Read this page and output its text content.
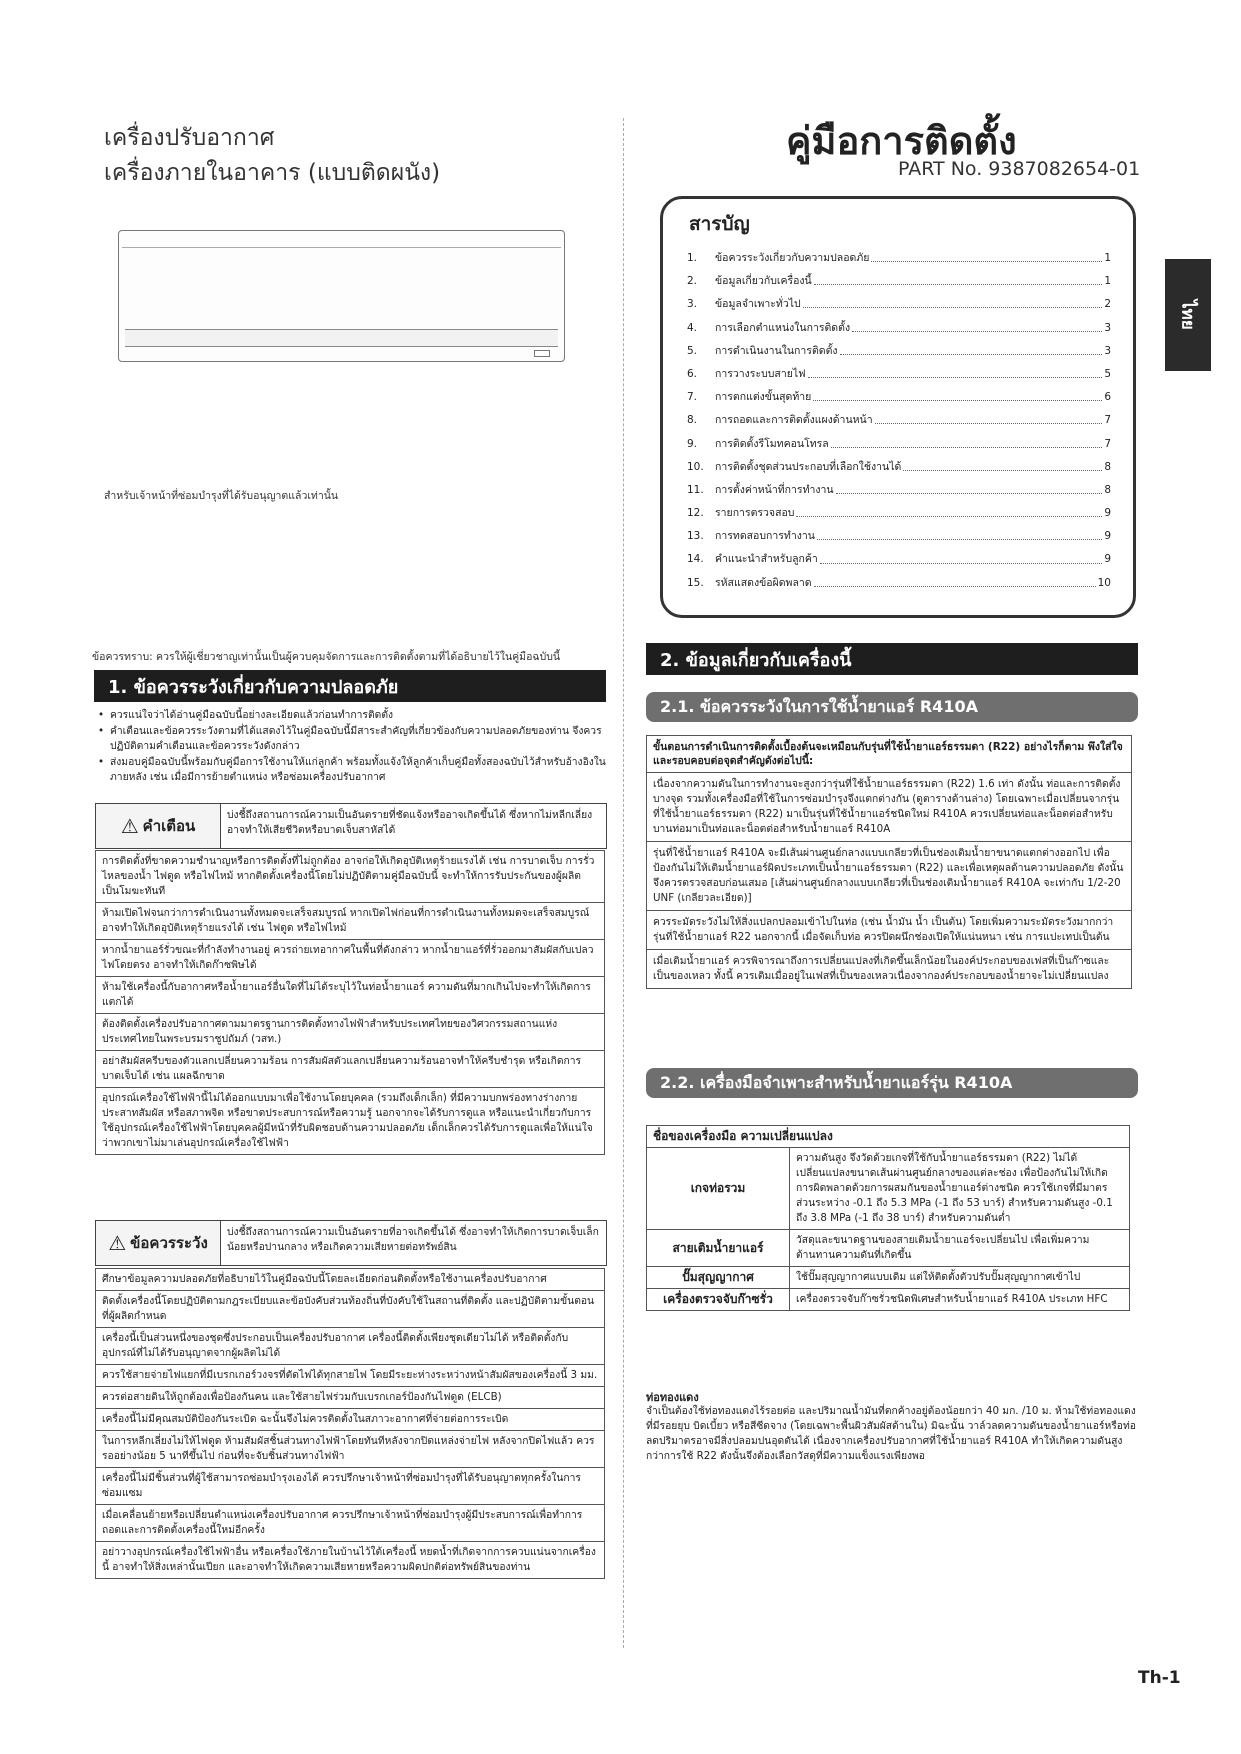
ไทย
เครื่องปรับอากาศ
เครื่องภายในอาคาร (แบบติดผนัง)
คู่มือการติดตั้ง
PART No. 9387082654-01
สำหรับเจ้าหน้าที่ซ่อมบำรุงที่ได้รับอนุญาตแล้วเท่านั้น
ข้อควรทราบ: ควรให้ผู้เชี่ยวชาญเท่านั้นเป็นผู้ควบคุมจัดการและการติดตั้งตามที่ได้อธิบายไว้ในคู่มือฉบับนี้
สารบัญ
1.	ข้อควรระวังเกี่ยวกับความปลอดภัย	1
2.	ข้อมูลเกี่ยวกับเครื่องนี้	1
3.	ข้อมูลจำเพาะทั่วไป	2
4.	การเลือกตำแหน่งในการติดตั้ง	3
5.	การดำเนินงานในการติดตั้ง	3
6.	การวางระบบสายไฟ	5
7.	การตกแต่งขั้นสุดท้าย	6
8.	การถอดและการติดตั้งแผงด้านหน้า	7
9.	การติดตั้งรีโมทคอนโทรล	7
10.	การติดตั้งชุดส่วนประกอบที่เลือกใช้งานได้	8
11.	การตั้งค่าหน้าที่การทำงาน	8
12.	รายการตรวจสอบ	9
13.	การทดสอบการทำงาน	9
14.	คำแนะนำสำหรับลูกค้า	9
15.	รหัสแสดงข้อผิดพลาด	10
1. ข้อควรระวังเกี่ยวกับความปลอดภัย
• ควรแน่ใจว่าได้อ่านคู่มือฉบับนี้อย่างละเอียดแล้วก่อนทำการติดตั้ง
• คำเตือนและข้อควรระวังตามที่ได้แสดงไว้ในคู่มือฉบับนี้มีสาระสำคัญที่เกี่ยวข้องกับความปลอดภัยของท่าน จึงควรปฏิบัติตามคำเตือนและข้อควรระวังดังกล่าว
• ส่งมอบคู่มือฉบับนี้พร้อมกับคู่มือการใช้งานให้แก่ลูกค้า พร้อมทั้งแจ้งให้ลูกค้าเก็บคู่มือทั้งสองฉบับไว้สำหรับอ้างอิงในภายหลัง เช่น เมื่อมีการย้ายตำแหน่ง หรือซ่อมเครื่องปรับอากาศ
⚠ คำเตือน
บ่งชี้ถึงสถานการณ์ความเป็นอันตรายที่ชัดแจ้งหรืออาจเกิดขึ้นได้ ซึ่งหากไม่หลีกเลี่ยง อาจทำให้เสียชีวิตหรือบาดเจ็บสาหัสได้
การติดตั้งที่ขาดความชำนาญหรือการติดตั้งที่ไม่ถูกต้อง อาจก่อให้เกิดอุบัติเหตุร้ายแรงได้ เช่น การบาดเจ็บ การรั่วไหลของน้ำ ไฟดูด หรือไฟไหม้ หากติดตั้งเครื่องนี้โดยไม่ปฏิบัติตามคู่มือฉบับนี้ จะทำให้การรับประกันของผู้ผลิตเป็นโมฆะทันที
ห้ามเปิดไฟจนกว่าการดำเนินงานทั้งหมดจะเสร็จสมบูรณ์ หากเปิดไฟก่อนที่การดำเนินงานทั้งหมดจะเสร็จสมบูรณ์ อาจทำให้เกิดอุบัติเหตุร้ายแรงได้ เช่น ไฟดูด หรือไฟไหม้
หากน้ำยาแอร์รั่วขณะที่กำลังทำงานอยู่ ควรถ่ายเทอากาศในพื้นที่ดังกล่าว หากน้ำยาแอร์ที่รั่วออกมาสัมผัสกับเปลวไฟโดยตรง อาจทำให้เกิดก๊าซพิษได้
ห้ามใช้เครื่องนี้กับอากาศหรือน้ำยาแอร์อื่นใดที่ไม่ได้ระบุไว้ในท่อน้ำยาแอร์ ความดันที่มากเกินไปจะทำให้เกิดการแตกได้
ต้องติดตั้งเครื่องปรับอากาศตามมาตรฐานการติดตั้งทางไฟฟ้าสำหรับประเทศไทยของวิศวกรรมสถานแห่งประเทศไทยในพระบรมราชูปถัมภ์ (วสท.)
อย่าสัมผัสครีบของตัวแลกเปลี่ยนความร้อน การสัมผัสตัวแลกเปลี่ยนความร้อนอาจทำให้ครีบชำรุด หรือเกิดการบาดเจ็บได้ เช่น แผลฉีกขาด
อุปกรณ์เครื่องใช้ไฟฟ้านี้ไม่ได้ออกแบบมาเพื่อใช้งานโดยบุคคล (รวมถึงเด็กเล็ก) ที่มีความบกพร่องทางร่างกาย ประสาทสัมผัส หรือสภาพจิต หรือขาดประสบการณ์หรือความรู้ นอกจากจะได้รับการดูแล หรือแนะนำเกี่ยวกับการใช้อุปกรณ์เครื่องใช้ไฟฟ้าโดยบุคคลผู้มีหน้าที่รับผิดชอบด้านความปลอดภัย เด็กเล็กควรได้รับการดูแลเพื่อให้แน่ใจว่าพวกเขาไม่มาเล่นอุปกรณ์เครื่องใช้ไฟฟ้า
⚠ ข้อควรระวัง
บ่งชี้ถึงสถานการณ์ความเป็นอันตรายที่อาจเกิดขึ้นได้ ซึ่งอาจทำให้เกิดการบาดเจ็บเล็กน้อยหรือปานกลาง หรือเกิดความเสียหายต่อทรัพย์สิน
ศึกษาข้อมูลความปลอดภัยที่อธิบายไว้ในคู่มือฉบับนี้โดยละเอียดก่อนติดตั้งหรือใช้งานเครื่องปรับอากาศ
ติดตั้งเครื่องนี้โดยปฏิบัติตามกฎระเบียบและข้อบังคับส่วนท้องถิ่นที่บังคับใช้ในสถานที่ติดตั้ง และปฏิบัติตามขั้นตอนที่ผู้ผลิตกำหนด
เครื่องนี้เป็นส่วนหนึ่งของชุดซึ่งประกอบเป็นเครื่องปรับอากาศ เครื่องนี้ติดตั้งเพียงชุดเดียวไม่ได้ หรือติดตั้งกับอุปกรณ์ที่ไม่ได้รับอนุญาตจากผู้ผลิตไม่ได้
ควรใช้สายจ่ายไฟแยกที่มีเบรกเกอร์วงจรที่ตัดไฟได้ทุกสายไฟ โดยมีระยะห่างระหว่างหน้าสัมผัสของเครื่องนี้ 3 มม.
ควรต่อสายดินให้ถูกต้องเพื่อป้องกันคน และใช้สายไฟร่วมกับเบรกเกอร์ป้องกันไฟดูด (ELCB)
เครื่องนี้ไม่มีคุณสมบัติป้องกันระเบิด ฉะนั้นจึงไม่ควรติดตั้งในสภาวะอากาศที่จ่ายต่อการระเบิด
ในการหลีกเลี่ยงไม่ให้ไฟดูด ห้ามสัมผัสชิ้นส่วนทางไฟฟ้าโดยทันทีหลังจากปิดแหล่งจ่ายไฟ หลังจากปิดไฟแล้ว ควรรออย่างน้อย 5 นาทีขึ้นไป ก่อนที่จะจับชิ้นส่วนทางไฟฟ้า
เครื่องนี้ไม่มีชิ้นส่วนที่ผู้ใช้สามารถซ่อมบำรุงเองได้ ควรปรึกษาเจ้าหน้าที่ซ่อมบำรุงที่ได้รับอนุญาตทุกครั้งในการซ่อมแซม
เมื่อเคลื่อนย้ายหรือเปลี่ยนตำแหน่งเครื่องปรับอากาศ ควรปรึกษาเจ้าหน้าที่ซ่อมบำรุงผู้มีประสบการณ์เพื่อทำการถอดและการติดตั้งเครื่องนี้ใหม่อีกครั้ง
อย่าวางอุปกรณ์เครื่องใช้ไฟฟ้าอื่น หรือเครื่องใช้ภายในบ้านไว้ใต้เครื่องนี้ หยดน้ำที่เกิดจากการควบแน่นจากเครื่องนี้ อาจทำให้สิ่งเหล่านั้นเปียก และอาจทำให้เกิดความเสียหายหรือความผิดปกติต่อทรัพย์สินของท่าน
2. ข้อมูลเกี่ยวกับเครื่องนี้
2.1. ข้อควรระวังในการใช้น้ำยาแอร์ R410A
ขั้นตอนการดำเนินการติดตั้งเบื้องต้นจะเหมือนกับรุ่นที่ใช้น้ำยาแอร์ธรรมดา (R22) อย่างไรก็ตาม พึงใส่ใจและรอบคอบต่อจุดสำคัญดังต่อไปนี้:
เนื่องจากความดันในการทำงานจะสูงกว่ารุ่นที่ใช้น้ำยาแอร์ธรรมดา (R22) 1.6 เท่า ดังนั้น ท่อและการติดตั้งบางจุด รวมทั้งเครื่องมือที่ใช้ในการซ่อมบำรุงจึงแตกต่างกัน (ดูตารางด้านล่าง) โดยเฉพาะเมื่อเปลี่ยนจากรุ่นที่ใช้น้ำยาแอร์ธรรมดา (R22) มาเป็นรุ่นที่ใช้น้ำยาแอร์ชนิดใหม่ R410A ควรเปลี่ยนท่อและน็อตต่อสำหรับบานท่อมาเป็นท่อและน็อตต่อสำหรับน้ำยาแอร์ R410A
รุ่นที่ใช้น้ำยาแอร์ R410A จะมีเส้นผ่านศูนย์กลางแบบเกลียวที่เป็นช่องเติมน้ำยาขนาดแตกต่างออกไป เพื่อป้องกันไม่ให้เติมน้ำยาแอร์ผิดประเภทเป็นน้ำยาแอร์ธรรมดา (R22) และเพื่อเหตุผลด้านความปลอดภัย ดังนั้น จึงควรตรวจสอบก่อนเสมอ [เส้นผ่านศูนย์กลางแบบเกลียวที่เป็นช่องเติมน้ำยาแอร์ R410A จะเท่ากับ 1/2-20 UNF (เกลียวละเอียด)]
ควรระมัดระวังไม่ให้สิ่งแปลกปลอมเข้าไปในท่อ (เช่น น้ำมัน น้ำ เป็นต้น) โดยเพิ่มความระมัดระวังมากกว่ารุ่นที่ใช้น้ำยาแอร์ R22 นอกจากนี้ เมื่อจัดเก็บท่อ ควรปิดผนึกช่องเปิดให้แน่นหนา เช่น การแปะเทปเป็นต้น
เมื่อเติมน้ำยาแอร์ ควรพิจารณาถึงการเปลี่ยนแปลงที่เกิดขึ้นเล็กน้อยในองค์ประกอบของเฟสที่เป็นก๊าซและเป็นของเหลว ทั้งนี้ ควรเติมเมื่ออยู่ในเฟสที่เป็นของเหลวเนื่องจากองค์ประกอบของน้ำยาจะไม่เปลี่ยนแปลง
2.2. เครื่องมือจำเพาะสำหรับน้ำยาแอร์รุ่น R410A
ชื่อของเครื่องมือ ความเปลี่ยนแปลง	
เกจท่อรวม	ความดันสูง จึงวัดด้วยเกจที่ใช้กับน้ำยาแอร์ธรรมดา (R22) ไม่ได้ เปลี่ยนแปลงขนาดเส้นผ่านศูนย์กลางของแต่ละช่อง เพื่อป้องกันไม่ให้เกิดการผิดพลาดด้วยการผสมกันของน้ำยาแอร์ต่างชนิด ควรใช้เกจที่มีมาตรส่วนระหว่าง -0.1 ถึง 5.3 MPa (-1 ถึง 53 บาร์) สำหรับความดันสูง -0.1 ถึง 3.8 MPa (-1 ถึง 38 บาร์) สำหรับความดันต่ำ
สายเติมน้ำยาแอร์	วัสดุและขนาดฐานของสายเติมน้ำยาแอร์จะเปลี่ยนไป เพื่อเพิ่มความต้านทานความดันที่เกิดขึ้น
ปั๊มสุญญากาศ	ใช้ปั๊มสุญญากาศแบบเดิม แต่ให้ติดตั้งตัวปรับปั๊มสุญญากาศเข้าไป
เครื่องตรวจจับก๊าซรั่ว	เครื่องตรวจจับก๊าซรั่วชนิดพิเศษสำหรับน้ำยาแอร์ R410A ประเภท HFC
ท่อทองแดง
จำเป็นต้องใช้ท่อทองแดงไร้รอยต่อ และปริมาณน้ำมันที่ตกค้างอยู่ต้องน้อยกว่า 40 มก. /10 ม. ห้ามใช้ท่อทองแดงที่มีรอยยุบ บิดเบี้ยว หรือสีซีดจาง (โดยเฉพาะพื้นผิวสัมผัสด้านใน) มิฉะนั้น วาล์วลดความดันของน้ำยาแอร์หรือท่อลดปริมาตรอาจมีสิ่งปลอมปนอุดตันได้ เนื่องจากเครื่องปรับอากาศที่ใช้น้ำยาแอร์ R410A ทำให้เกิดความดันสูงกว่าการใช้ R22 ดังนั้นจึงต้องเลือกวัสดุที่มีความแข็งแรงเพียงพอ
Th-1
